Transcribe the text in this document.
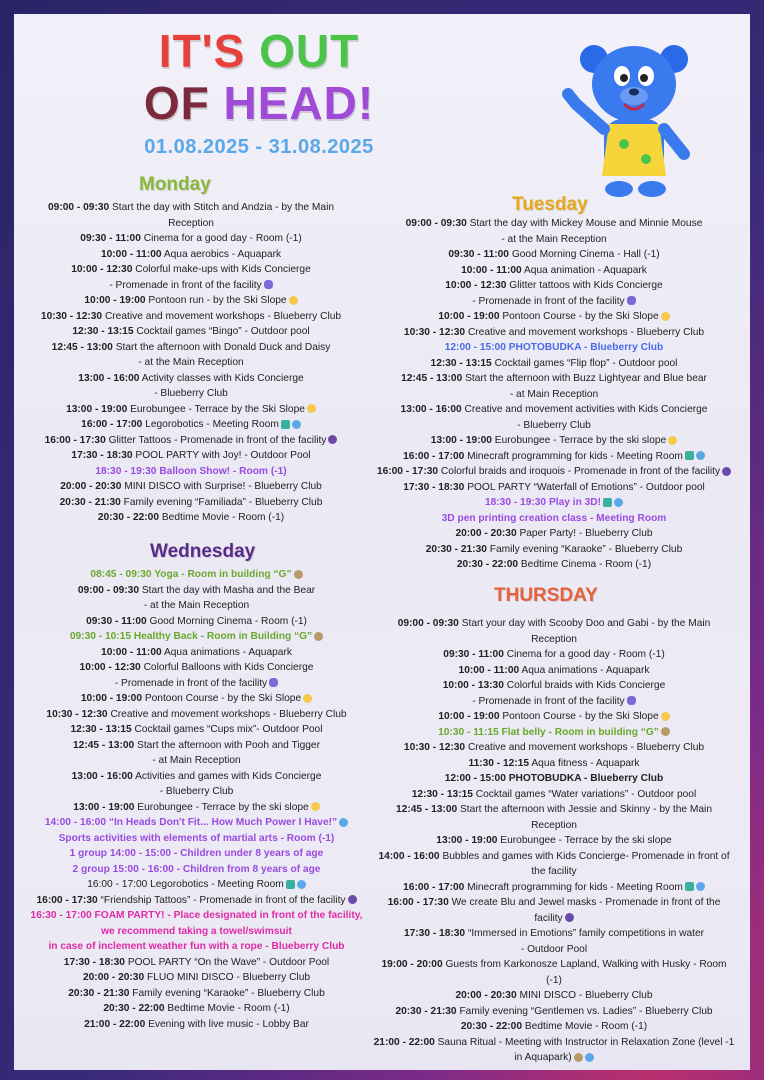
IT'S OUT
OF HEAD!
01.08.2025 - 31.08.2025
Monday
09:00 - 09:30 Start the day with Stitch and Andzia - by the Main
Reception
09:30 - 11:00 Cinema for a good day - Room (-1)
10:00 - 11:00 Aqua aerobics - Aquapark
10:00 - 12:30 Colorful make-ups with Kids Concierge
- Promenade in front of the facility
10:00 - 19:00 Pontoon run - by the Ski Slope
10:30 - 12:30 Creative and movement workshops - Blueberry Club
12:30 - 13:15 Cocktail games “Bingo” - Outdoor pool
12:45 - 13:00 Start the afternoon with Donald Duck and Daisy
- at the Main Reception
13:00 - 16:00 Activity classes with Kids Concierge
- Blueberry Club
13:00 - 19:00 Eurobungee - Terrace by the Ski Slope
16:00 - 17:00 Legorobotics - Meeting Room
16:00 - 17:30 Glitter Tattoos - Promenade in front of the facility
17:30 - 18:30 POOL PARTY with Joy! - Outdoor Pool
18:30 - 19:30 Balloon Show! - Room (-1)
20:00 - 20:30 MINI DISCO with Surprise! - Blueberry Club
20:30 - 21:30 Family evening “Familiada” - Blueberry Club
20:30 - 22:00 Bedtime Movie - Room (-1)
Tuesday
09:00 - 09:30 Start the day with Mickey Mouse and Minnie Mouse
- at the Main Reception
09:30 - 11:00 Good Morning Cinema - Hall (-1)
10:00 - 11:00 Aqua animation - Aquapark
10:00 - 12:30 Glitter tattoos with Kids Concierge
- Promenade in front of the facility
10:00 - 19:00 Pontoon Course - by the Ski Slope
10:30 - 12:30 Creative and movement workshops - Blueberry Club
12:00 - 15:00 PHOTOBUDKA - Blueberry Club
12:30 - 13:15 Cocktail games “Flip flop” - Outdoor pool
12:45 - 13:00 Start the afternoon with Buzz Lightyear and Blue bear
- at Main Reception
13:00 - 16:00 Creative and movement activities with Kids Concierge
- Blueberry Club
13:00 - 19:00 Eurobungee - Terrace by the ski slope
16:00 - 17:00 Minecraft programming for kids - Meeting Room
16:00 - 17:30 Colorful braids and iroquois - Promenade in front of the facility
17:30 - 18:30 POOL PARTY “Waterfall of Emotions” - Outdoor pool
18:30 - 19:30 Play in 3D!
3D pen printing creation class - Meeting Room
20:00 - 20:30 Paper Party! - Blueberry Club
20:30 - 21:30 Family evening “Karaoke” - Blueberry Club
20:30 - 22:00 Bedtime Cinema - Room (-1)
Wednesday
08:45 - 09:30 Yoga - Room in building “G”
09:00 - 09:30 Start the day with Masha and the Bear
- at the Main Reception
09:30 - 11:00 Good Morning Cinema - Room (-1)
09:30 - 10:15 Healthy Back - Room in Building “G”
10:00 - 11:00 Aqua animations - Aquapark
10:00 - 12:30 Colorful Balloons with Kids Concierge
- Promenade in front of the facility
10:00 - 19:00 Pontoon Course - by the Ski Slope
10:30 - 12:30 Creative and movement workshops - Blueberry Club
12:30 - 13:15 Cocktail games “Cups mix”- Outdoor Pool
12:45 - 13:00 Start the afternoon with Pooh and Tigger
- at Main Reception
13:00 - 16:00 Activities and games with Kids Concierge
- Blueberry Club
13:00 - 19:00 Eurobungee - Terrace by the ski slope
14:00 - 16:00 “In Heads Don't Fit... How Much Power I Have!”
Sports activities with elements of martial arts - Room (-1)
1 group 14:00 - 15:00 - Children under 8 years of age
2 group 15:00 - 16:00 - Children from 8 years of age
16:00 - 17:00 Legorobotics - Meeting Room
16:00 - 17:30 “Friendship Tattoos” - Promenade in front of the facility
16:30 - 17:00 FOAM PARTY! - Place designated in front of the facility,
we recommend taking a towel/swimsuit
in case of inclement weather fun with a rope - Blueberry Club
17:30 - 18:30 POOL PARTY “On the Wave” - Outdoor Pool
20:00 - 20:30 FLUO MINI DISCO - Blueberry Club
20:30 - 21:30 Family evening “Karaoke” - Blueberry Club
20:30 - 22:00 Bedtime Movie - Room (-1)
21:00 - 22:00 Evening with live music - Lobby Bar
THURSDAY
09:00 - 09:30 Start your day with Scooby Doo and Gabi - by the Main
Reception
09:30 - 11:00 Cinema for a good day - Room (-1)
10:00 - 11:00 Aqua animations - Aquapark
10:00 - 13:30 Colorful braids with Kids Concierge
- Promenade in front of the facility
10:00 - 19:00 Pontoon Course - by the Ski Slope
10:30 - 11:15 Flat belly - Room in building “G”
10:30 - 12:30 Creative and movement workshops - Blueberry Club
11:30 - 12:15 Aqua fitness - Aquapark
12:00 - 15:00 PHOTOBUDKA - Blueberry Club
12:30 - 13:15 Cocktail games “Water variations” - Outdoor pool
12:45 - 13:00 Start the afternoon with Jessie and Skinny - by the Main
Reception
13:00 - 19:00 Eurobungee - Terrace by the ski slope
14:00 - 16:00 Bubbles and games with Kids Concierge- Promenade in front of
the facility
16:00 - 17:00 Minecraft programming for kids - Meeting Room
16:00 - 17:30 We create Blu and Jewel masks - Promenade in front of the
facility
17:30 - 18:30 “Immersed in Emotions” family competitions in water
- Outdoor Pool
19:00 - 20:00 Guests from Karkonosze Lapland, Walking with Husky - Room
(-1)
20:00 - 20:30 MINI DISCO - Blueberry Club
20:30 - 21:30 Family evening “Gentlemen vs. Ladies” - Blueberry Club
20:30 - 22:00 Bedtime Movie - Room (-1)
21:00 - 22:00 Sauna Ritual - Meeting with Instructor in Relaxation Zone (level -1
in Aquapark)
